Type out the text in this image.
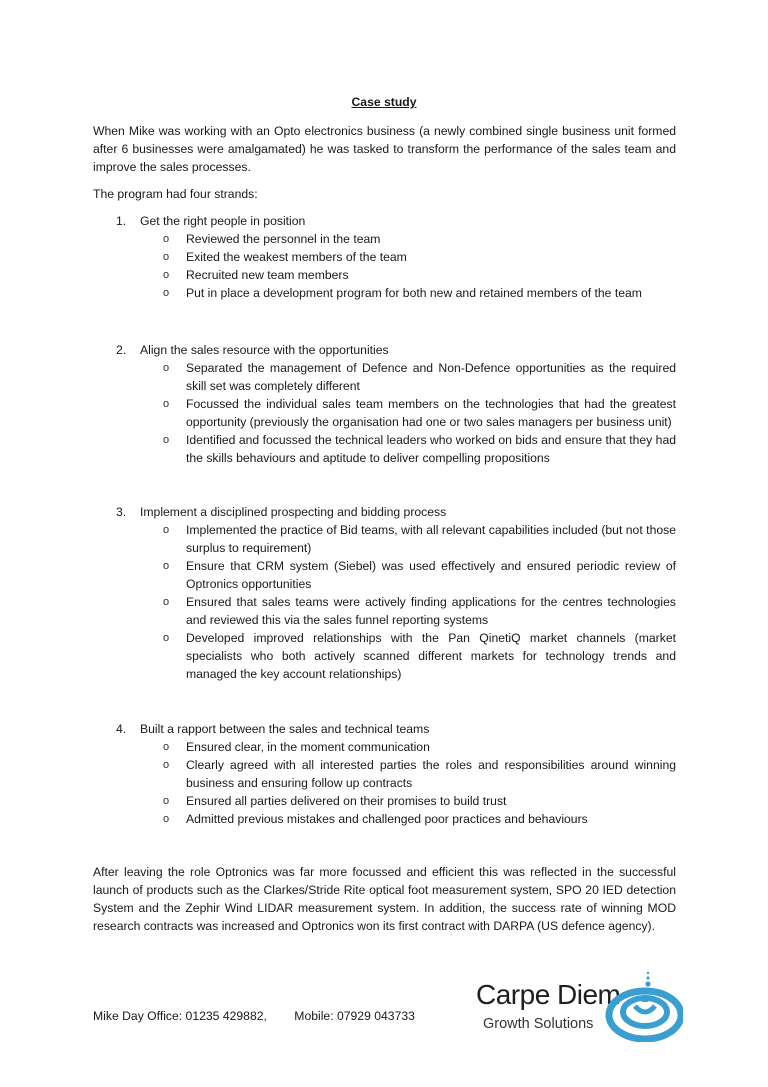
Case study

When Mike was working with an Opto electronics business (a newly combined single business unit formed after 6 businesses were amalgamated) he was tasked to transform the performance of the sales team and improve the sales processes.

The program had four strands:

1. Get the right people in position
o Reviewed the personnel in the team
o Exited the weakest members of the team
o Recruited new team members
o Put in place a development program for both new and retained members of the team
2. Align the sales resource with the opportunities
o Separated the management of Defence and Non-Defence opportunities as the required skill set was completely different
o Focussed the individual sales team members on the technologies that had the greatest opportunity (previously the organisation had one or two sales managers per business unit)
o Identified and focussed the technical leaders who worked on bids and ensure that they had the skills behaviours and aptitude to deliver compelling propositions
3. Implement a disciplined prospecting and bidding process
o Implemented the practice of Bid teams, with all relevant capabilities included (but not those surplus to requirement)
o Ensure that CRM system (Siebel) was used effectively and ensured periodic review of Optronics opportunities
o Ensured that sales teams were actively finding applications for the centres technologies and reviewed this via the sales funnel reporting systems
o Developed improved relationships with the Pan QinetiQ market channels (market specialists who both actively scanned different markets for technology trends and managed the key account relationships)
4. Built a rapport between the sales and technical teams
o Ensured clear, in the moment communication
o Clearly agreed with all interested parties the roles and responsibilities around winning business and ensuring follow up contracts
o Ensured all parties delivered on their promises to build trust
o Admitted previous mistakes and challenged poor practices and behaviours

After leaving the role Optronics was far more focussed and efficient this was reflected in the successful launch of products such as the Clarkes/Stride Rite optical foot measurement system, SPO 20 IED detection System and the Zephir Wind LIDAR measurement system. In addition, the success rate of winning MOD research contracts was increased and Optronics won its first contract with DARPA (US defence agency).

Mike Day Office: 01235 429882, Mobile: 07929 043733
Carpe Diem
Growth Solutions
